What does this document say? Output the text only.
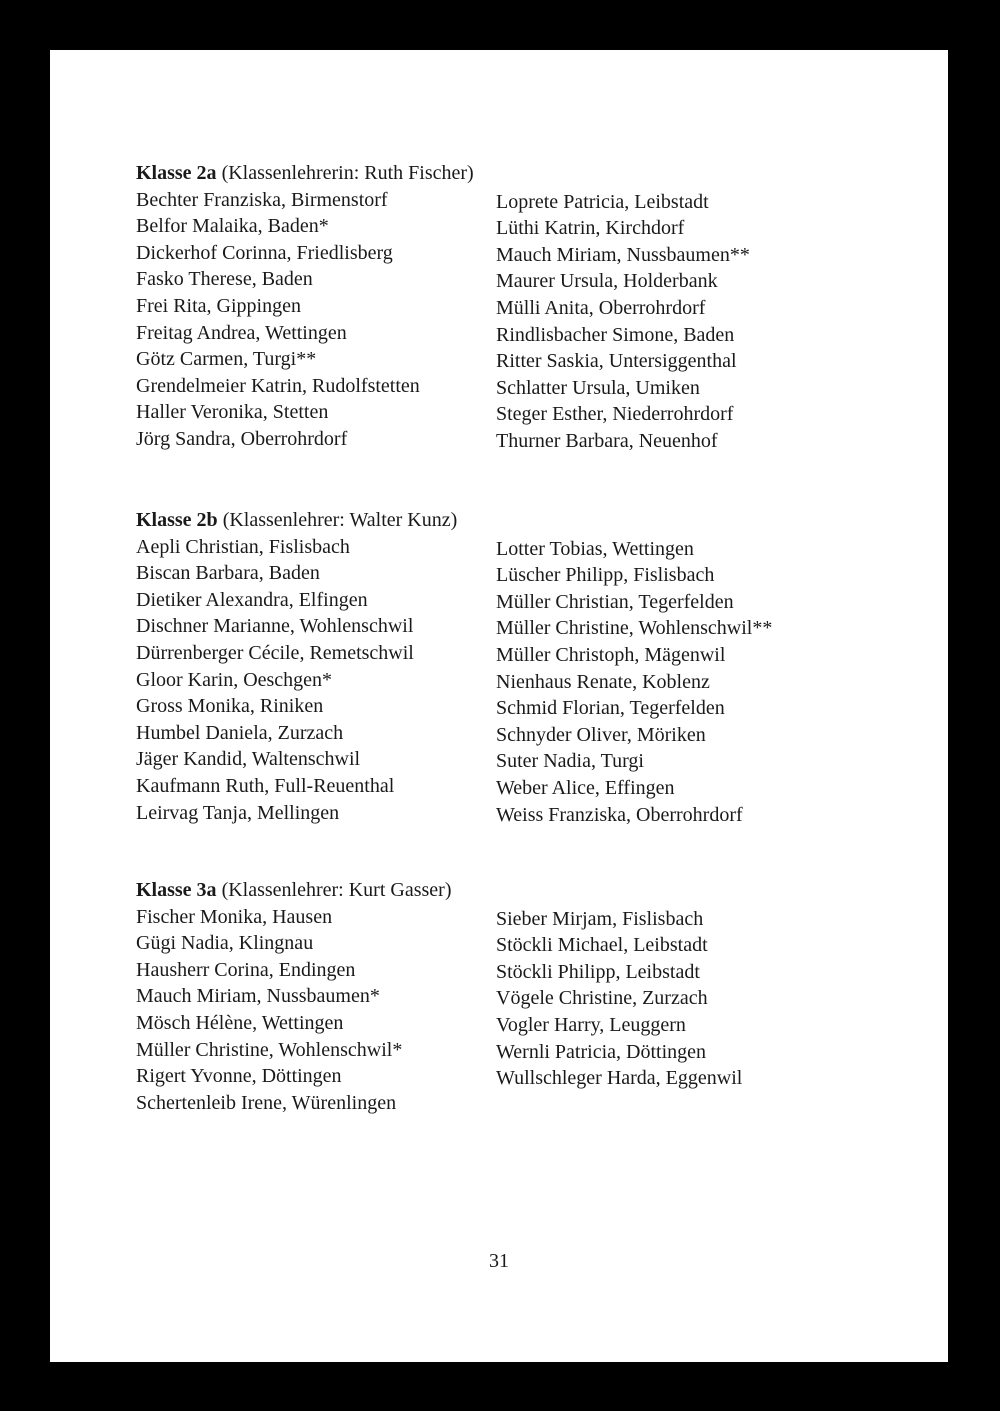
Klasse 2a (Klassenlehrerin: Ruth Fischer)
Bechter Franziska, Birmenstorf
Belfor Malaika, Baden*
Dickerhof Corinna, Friedlisberg
Fasko Therese, Baden
Frei Rita, Gippingen
Freitag Andrea, Wettingen
Götz Carmen, Turgi**
Grendelmeier Katrin, Rudolfstetten
Haller Veronika, Stetten
Jörg Sandra, Oberrohrdorf
Loprete Patricia, Leibstadt
Lüthi Katrin, Kirchdorf
Mauch Miriam, Nussbaumen**
Maurer Ursula, Holderbank
Mülli Anita, Oberrohrdorf
Rindlisbacher Simone, Baden
Ritter Saskia, Untersiggenthal
Schlatter Ursula, Umiken
Steger Esther, Niederrohrdorf
Thurner Barbara, Neuenhof
Klasse 2b (Klassenlehrer: Walter Kunz)
Aepli Christian, Fislisbach
Biscan Barbara, Baden
Dietiker Alexandra, Elfingen
Dischner Marianne, Wohlenschwil
Dürrenberger Cécile, Remetschwil
Gloor Karin, Oeschgen*
Gross Monika, Riniken
Humbel Daniela, Zurzach
Jäger Kandid, Waltenschwil
Kaufmann Ruth, Full-Reuenthal
Leirvag Tanja, Mellingen
Lotter Tobias, Wettingen
Lüscher Philipp, Fislisbach
Müller Christian, Tegerfelden
Müller Christine, Wohlenschwil**
Müller Christoph, Mägenwil
Nienhaus Renate, Koblenz
Schmid Florian, Tegerfelden
Schnyder Oliver, Möriken
Suter Nadia, Turgi
Weber Alice, Effingen
Weiss Franziska, Oberrohrdorf
Klasse 3a (Klassenlehrer: Kurt Gasser)
Fischer Monika, Hausen
Gügi Nadia, Klingnau
Hausherr Corina, Endingen
Mauch Miriam, Nussbaumen*
Mösch Hélène, Wettingen
Müller Christine, Wohlenschwil*
Rigert Yvonne, Döttingen
Schertenleib Irene, Würenlingen
Sieber Mirjam, Fislisbach
Stöckli Michael, Leibstadt
Stöckli Philipp, Leibstadt
Vögele Christine, Zurzach
Vogler Harry, Leuggern
Wernli Patricia, Döttingen
Wullschleger Harda, Eggenwil
31
